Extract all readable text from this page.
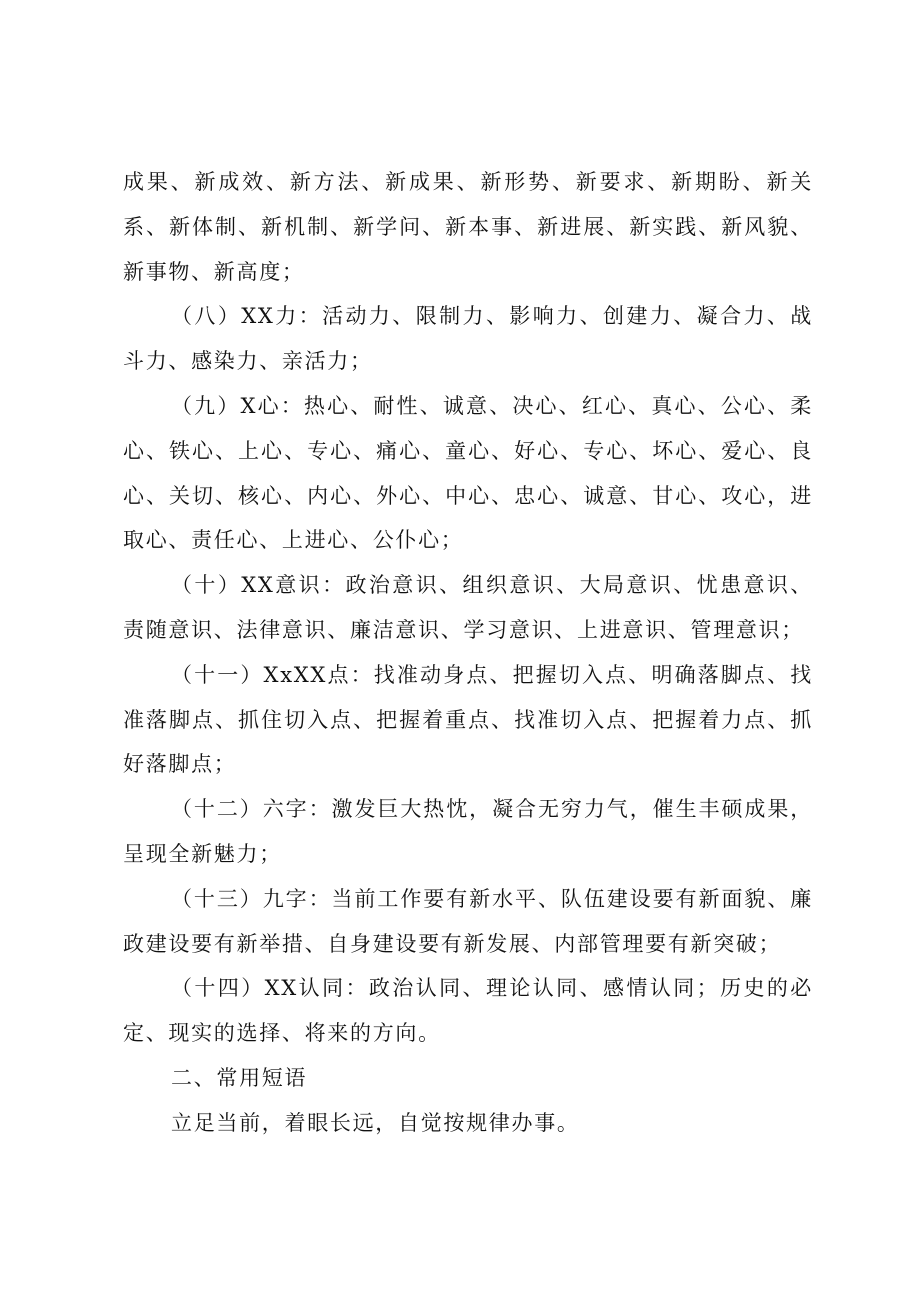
成果、新成效、新方法、新成果、新形势、新要求、新期盼、新关系、新体制、新机制、新学问、新本事、新进展、新实践、新风貌、新事物、新高度；

（八）XX力：活动力、限制力、影响力、创建力、凝合力、战斗力、感染力、亲活力；

（九）X心：热心、耐性、诚意、决心、红心、真心、公心、柔心、铁心、上心、专心、痛心、童心、好心、专心、坏心、爱心、良心、关切、核心、内心、外心、中心、忠心、诚意、甘心、攻心，进取心、责任心、上进心、公仆心；

（十）XX意识：政治意识、组织意识、大局意识、忧患意识、责随意识、法律意识、廉洁意识、学习意识、上进意识、管理意识；

（十一）XxXX点：找准动身点、把握切入点、明确落脚点、找准落脚点、抓住切入点、把握着重点、找准切入点、把握着力点、抓好落脚点；

（十二）六字：激发巨大热忱，凝合无穷力气，催生丰硕成果，呈现全新魅力；

（十三）九字：当前工作要有新水平、队伍建设要有新面貌、廉政建设要有新举措、自身建设要有新发展、内部管理要有新突破；

（十四）XX认同：政治认同、理论认同、感情认同；历史的必定、现实的选择、将来的方向。

二、常用短语

立足当前，着眼长远，自觉按规律办事。
